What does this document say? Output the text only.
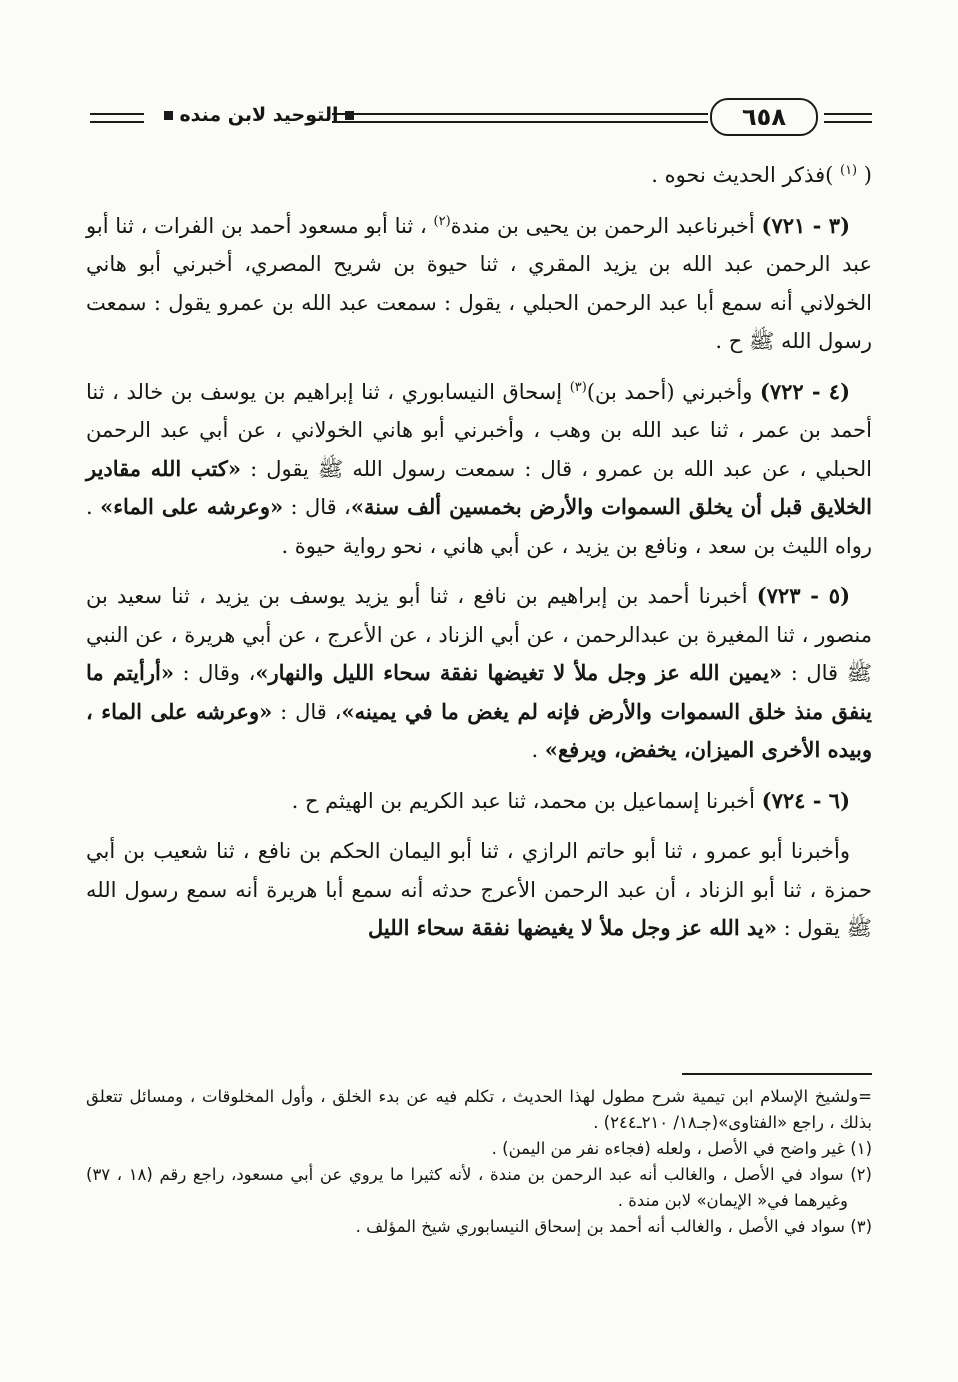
٦٥٨
التوحيد لابن منده

( $^{(١)}$ )فذكر الحديث نحوه .

(٣ - ٧٢١) أخبرناعبد الرحمن بن يحيى بن مندة$^{(٢)}$ ، ثنا أبو مسعود أحمد بن الفرات ، ثنا أبو عبد الرحمن عبد الله بن يزيد المقري ، ثنا حيوة بن شريح المصري، أخبرني أبو هاني الخولاني أنه سمع أبا عبد الرحمن الحبلي ، يقول : سمعت عبد الله بن عمرو يقول : سمعت رسول الله ﷺ ح .

(٤ - ٧٢٢) وأخبرني (أحمد بن)$^{(٣)}$ إسحاق النيسابوري ، ثنا إبراهيم بن يوسف بن خالد ، ثنا أحمد بن عمر ، ثنا عبد الله بن وهب ، وأخبرني أبو هاني الخولاني ، عن أبي عبد الرحمن الحبلي ، عن عبد الله بن عمرو ، قال : سمعت رسول الله ﷺ يقول : «كتب الله مقادير الخلايق قبل أن يخلق السموات والأرض بخمسين ألف سنة»، قال : «وعرشه على الماء» . رواه الليث بن سعد ، ونافع بن يزيد ، عن أبي هاني ، نحو رواية حيوة .

(٥ - ٧٢٣) أخبرنا أحمد بن إبراهيم بن نافع ، ثنا أبو يزيد يوسف بن يزيد ، ثنا سعيد بن منصور ، ثنا المغيرة بن عبدالرحمن ، عن أبي الزناد ، عن الأعرج ، عن أبي هريرة ، عن النبي ﷺ قال : «يمين الله عز وجل ملأ لا تغيضها نفقة سحاء الليل والنهار»، وقال : «أرأيتم ما ينفق منذ خلق السموات والأرض فإنه لم يغض ما في يمينه»، قال : «وعرشه على الماء ، وبيده الأخرى الميزان، يخفض، ويرفع» .

(٦ - ٧٢٤) أخبرنا إسماعيل بن محمد، ثنا عبد الكريم بن الهيثم ح .

وأخبرنا أبو عمرو ، ثنا أبو حاتم الرازي ، ثنا أبو اليمان الحكم بن نافع ، ثنا شعيب بن أبي حمزة ، ثنا أبو الزناد ، أن عبد الرحمن الأعرج حدثه أنه سمع أبا هريرة أنه سمع رسول الله ﷺ يقول : «يد الله عز وجل ملأ لا يغيضها نفقة سحاء الليل

=ولشيخ الإسلام ابن تيمية شرح مطول لهذا الحديث ، تكلم فيه عن بدء الخلق ، وأول المخلوقات ، ومسائل تتعلق بذلك ، راجع «الفتاوى»(جـ١٨/ ٢١٠ـ٢٤٤) .

(١) غير واضح في الأصل ، ولعله (فجاءه نفر من اليمن) .

(٢) سواد في الأصل ، والغالب أنه عبد الرحمن بن مندة ، لأنه كثيرا ما يروي عن أبي مسعود، راجع رقم (١٨ ، ٣٧) وغيرهما في« الإيمان» لابن مندة .

(٣) سواد في الأصل ، والغالب أنه أحمد بن إسحاق النيسابوري شيخ المؤلف .
